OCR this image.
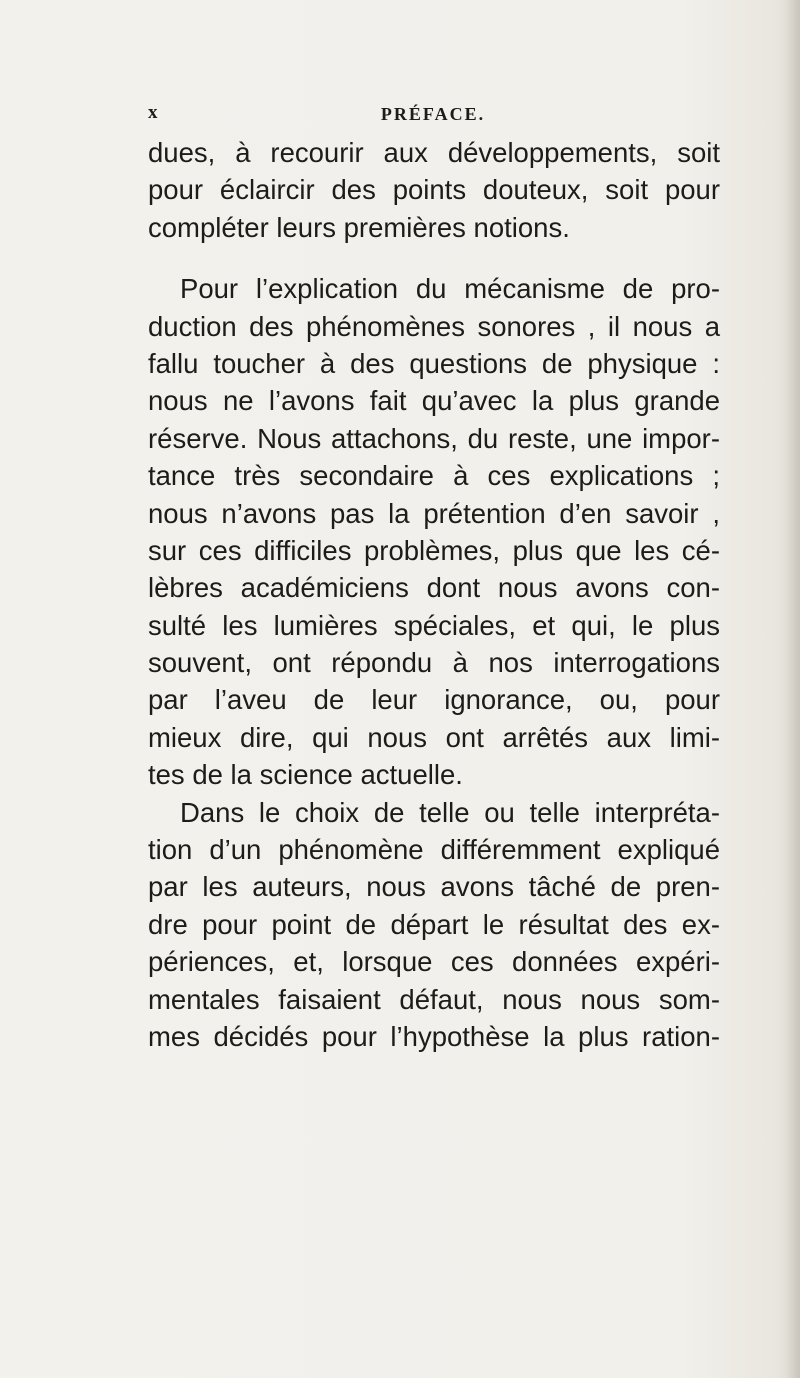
x	PRÉFACE.
dues, à recourir aux développements, soit
pour éclaircir des points douteux, soit pour
compléter leurs premières notions.
Pour l’explication du mécanisme de pro-
duction des phénomènes sonores , il nous a
fallu toucher à des questions de physique :
nous ne l’avons fait qu’avec la plus grande
réserve. Nous attachons, du reste, une impor-
tance très secondaire à ces explications ;
nous n’avons pas la prétention d’en savoir ,
sur ces difficiles problèmes, plus que les cé-
lèbres académiciens dont nous avons con-
sulté les lumières spéciales, et qui, le plus
souvent, ont répondu à nos interrogations
par l’aveu de leur ignorance, ou, pour
mieux dire, qui nous ont arrêtés aux limi-
tes de la science actuelle.
Dans le choix de telle ou telle interpréta-
tion d’un phénomène différemment expliqué
par les auteurs, nous avons tâché de pren-
dre pour point de départ le résultat des ex-
périences, et, lorsque ces données expéri-
mentales faisaient défaut, nous nous som-
mes décidés pour l’hypothèse la plus ration-
